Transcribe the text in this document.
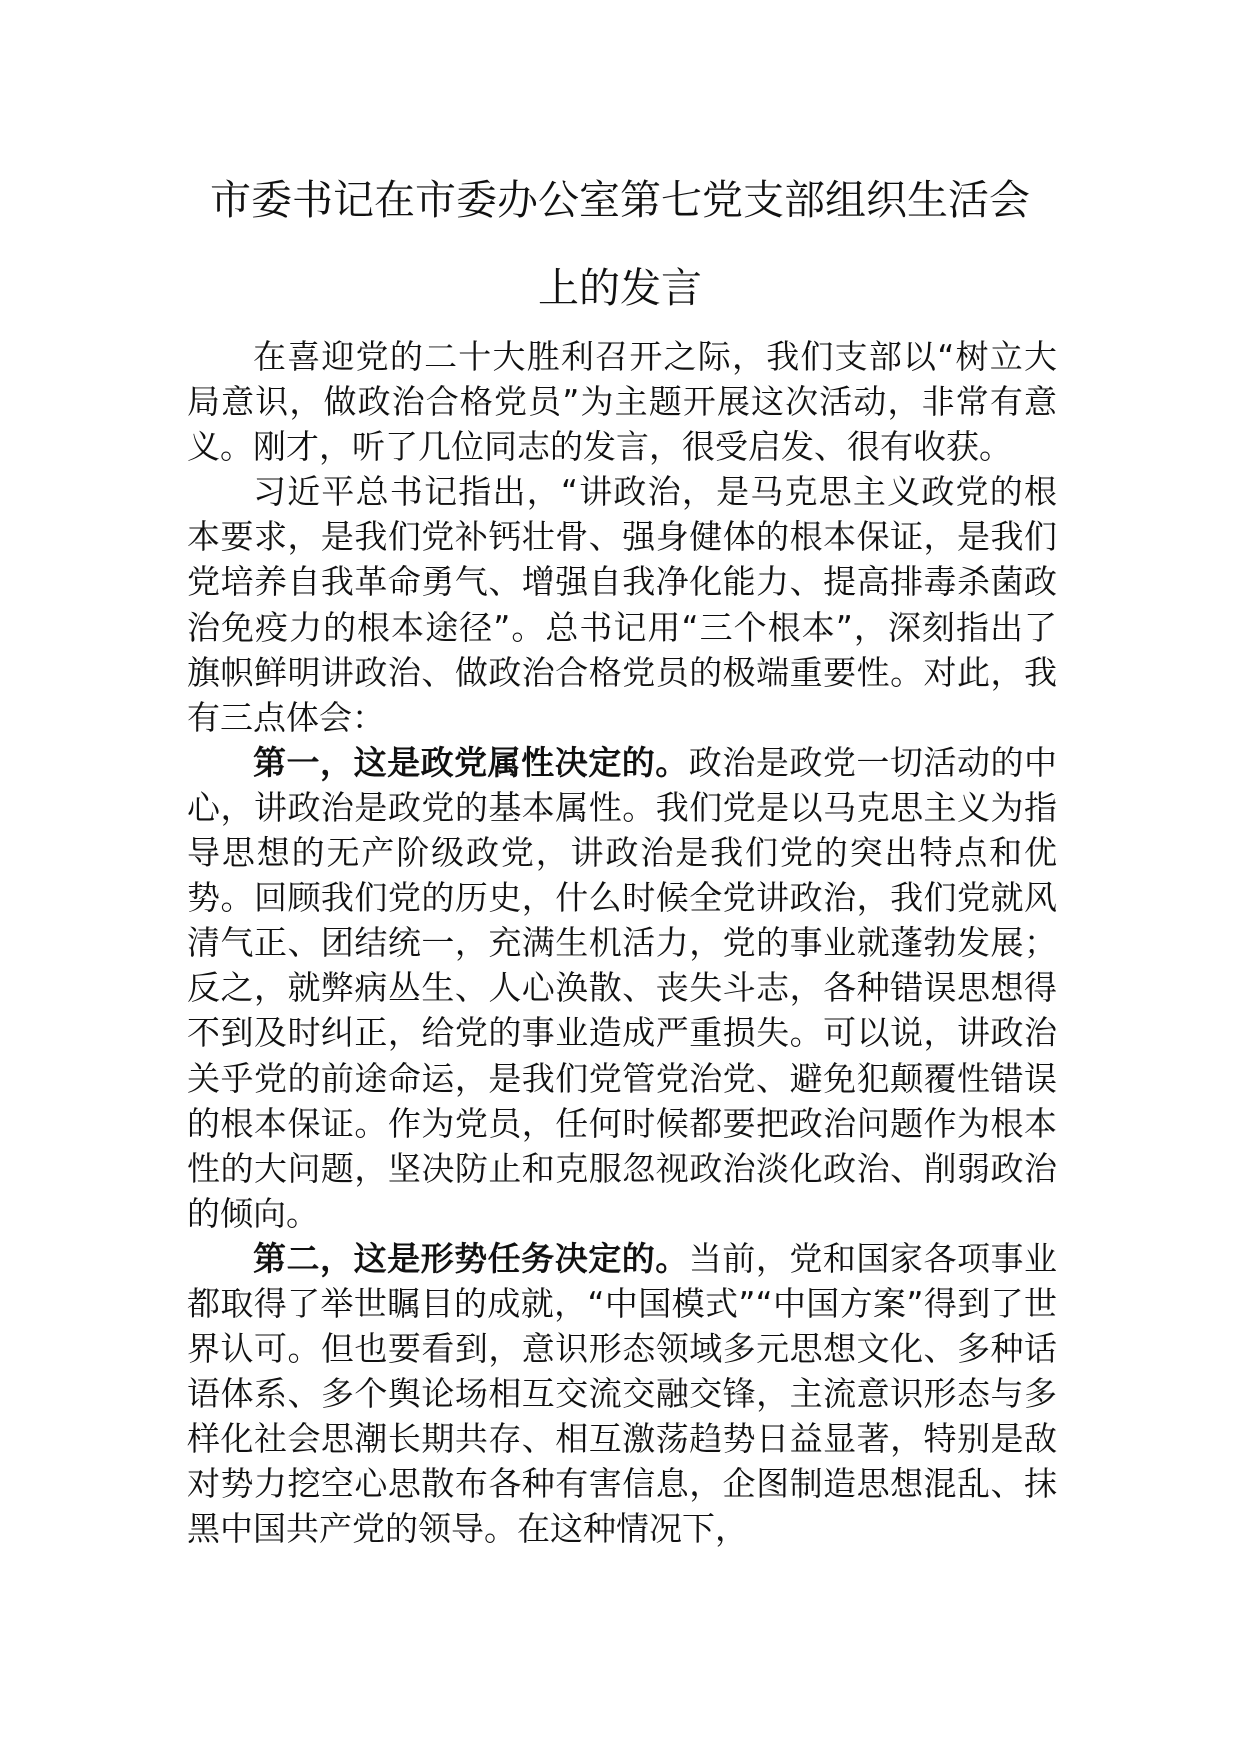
市委书记在市委办公室第七党支部组织生活会
上的发言

在喜迎党的二十大胜利召开之际，我们支部以“树立大局意识，做政治合格党员”为主题开展这次活动，非常有意义。刚才，听了几位同志的发言，很受启发、很有收获。

习近平总书记指出，“讲政治，是马克思主义政党的根本要求，是我们党补钙壮骨、强身健体的根本保证，是我们党培养自我革命勇气、增强自我净化能力、提高排毒杀菌政治免疫力的根本途径”。总书记用“三个根本”，深刻指出了旗帜鲜明讲政治、做政治合格党员的极端重要性。对此，我有三点体会：

第一，这是政党属性决定的。政治是政党一切活动的中心，讲政治是政党的基本属性。我们党是以马克思主义为指导思想的无产阶级政党，讲政治是我们党的突出特点和优势。回顾我们党的历史，什么时候全党讲政治，我们党就风清气正、团结统一，充满生机活力，党的事业就蓬勃发展；反之，就弊病丛生、人心涣散、丧失斗志，各种错误思想得不到及时纠正，给党的事业造成严重损失。可以说，讲政治关乎党的前途命运，是我们党管党治党、避免犯颠覆性错误的根本保证。作为党员，任何时候都要把政治问题作为根本性的大问题，坚决防止和克服忽视政治淡化政治、削弱政治的倾向。

第二，这是形势任务决定的。当前，党和国家各项事业都取得了举世瞩目的成就，“中国模式”“中国方案”得到了世界认可。但也要看到，意识形态领域多元思想文化、多种话语体系、多个舆论场相互交流交融交锋，主流意识形态与多样化社会思潮长期共存、相互激荡趋势日益显著，特别是敌对势力挖空心思散布各种有害信息，企图制造思想混乱、抹黑中国共产党的领导。在这种情况下，
